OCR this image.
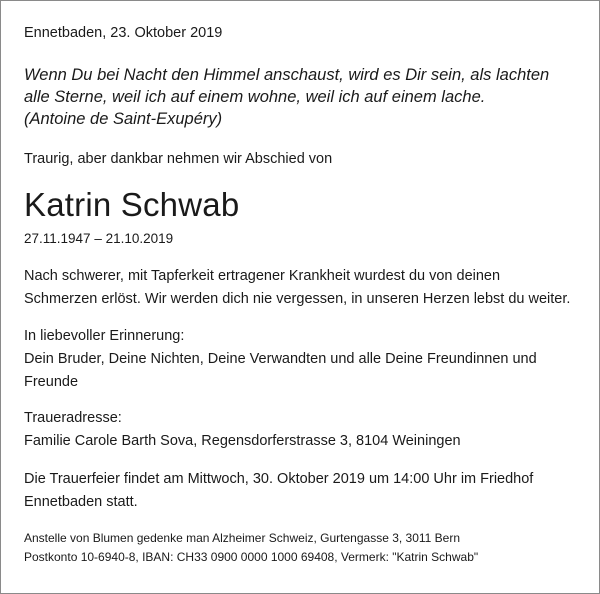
Ennetbaden, 23. Oktober 2019
Wenn Du bei Nacht den Himmel anschaust, wird es Dir sein, als lachten
alle Sterne, weil ich auf einem wohne, weil ich auf einem lache.
(Antoine de Saint-Exupéry)
Traurig, aber dankbar nehmen wir Abschied von
Katrin Schwab
27.11.1947 – 21.10.2019
Nach schwerer, mit Tapferkeit ertragener Krankheit wurdest du von deinen
Schmerzen erlöst. Wir werden dich nie vergessen, in unseren Herzen lebst du weiter.
In liebevoller Erinnerung:
Dein Bruder, Deine Nichten, Deine Verwandten und alle Deine Freundinnen und
Freunde
Traueradresse:
Familie Carole Barth Sova, Regensdorferstrasse 3, 8104 Weiningen
Die Trauerfeier findet am Mittwoch, 30. Oktober 2019 um 14:00 Uhr im Friedhof
Ennetbaden statt.
Anstelle von Blumen gedenke man Alzheimer Schweiz, Gurtengasse 3, 3011 Bern
Postkonto 10-6940-8, IBAN: CH33 0900 0000 1000 69408, Vermerk: "Katrin Schwab"
